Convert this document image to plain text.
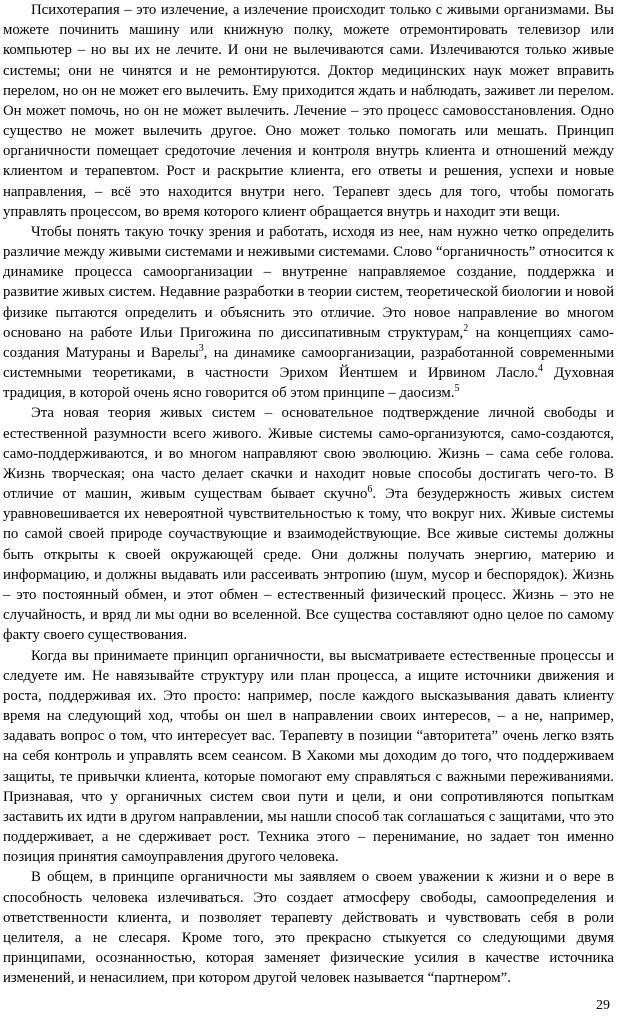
Психотерапия – это излечение, а излечение происходит только с живыми организмами. Вы можете починить машину или книжную полку, можете отремонтировать телевизор или компьютер – но вы их не лечите. И они не вылечиваются сами. Излечиваются только живые системы; они не чинятся и не ремонтируются. Доктор медицинских наук может вправить перелом, но он не может его вылечить. Ему приходится ждать и наблюдать, заживет ли перелом. Он может помочь, но он не может вылечить. Лечение – это процесс самовосстановления. Одно существо не может вылечить другое. Оно может только помогать или мешать. Принцип органичности помещает средоточие лечения и контроля внутрь клиента и отношений между клиентом и терапевтом. Рост и раскрытие клиента, его ответы и решения, успехи и новые направления, – всё это находится внутри него. Терапевт здесь для того, чтобы помогать управлять процессом, во время которого клиент обращается внутрь и находит эти вещи.

Чтобы понять такую точку зрения и работать, исходя из нее, нам нужно четко определить различие между живыми системами и неживыми системами. Слово “органичность” относится к динамике процесса самоорганизации – внутренне направляемое создание, поддержка и развитие живых систем. Недавние разработки в теории систем, теоретической биологии и новой физике пытаются определить и объяснить это отличие. Это новое направление во многом основано на работе Ильи Пригожина по диссипативным структурам,$^2$ на концепциях само-создания Матураны и Варелы$^3$, на динамике самоорганизации, разработанной современными системными теоретиками, в частности Эрихом Йентшем и Ирвином Ласло.$^4$ Духовная традиция, в которой очень ясно говорится об этом принципе – даосизм.$^5$

Эта новая теория живых систем – основательное подтверждение личной свободы и естественной разумности всего живого. Живые системы само-организуются, само-создаются, само-поддерживаются, и во многом направляют свою эволюцию. Жизнь – сама себе голова. Жизнь творческая; она часто делает скачки и находит новые способы достигать чего-то. В отличие от машин, живым существам бывает скучно$^6$. Эта безудержность живых систем уравновешивается их невероятной чувствительностью к тому, что вокруг них. Живые системы по самой своей природе соучаствующие и взаимодействующие. Все живые системы должны быть открыты к своей окружающей среде. Они должны получать энергию, материю и информацию, и должны выдавать или рассеивать энтропию (шум, мусор и беспорядок). Жизнь – это постоянный обмен, и этот обмен – естественный физический процесс. Жизнь – это не случайность, и вряд ли мы одни во вселенной. Все существа составляют одно целое по самому факту своего существования.

Когда вы принимаете принцип органичности, вы высматриваете естественные процессы и следуете им. Не навязывайте структуру или план процесса, а ищите источники движения и роста, поддерживая их. Это просто: например, после каждого высказывания давать клиенту время на следующий ход, чтобы он шел в направлении своих интересов, – а не, например, задавать вопрос о том, что интересует вас. Терапевту в позиции “авторитета” очень легко взять на себя контроль и управлять всем сеансом. В Хакоми мы доходим до того, что поддерживаем защиты, те привычки клиента, которые помогают ему справляться с важными переживаниями. Признавая, что у органичных систем свои пути и цели, и они сопротивляются попыткам заставить их идти в другом направлении, мы нашли способ так соглашаться с защитами, что это поддерживает, а не сдерживает рост. Техника этого – перенимание, но задает тон именно позиция принятия самоуправления другого человека.

В общем, в принципе органичности мы заявляем о своем уважении к жизни и о вере в способность человека излечиваться. Это создает атмосферу свободы, самоопределения и ответственности клиента, и позволяет терапевту действовать и чувствовать себя в роли целителя, а не слесаря. Кроме того, это прекрасно стыкуется со следующими двумя принципами, осознанностью, которая заменяет физические усилия в качестве источника изменений, и ненасилием, при котором другой человек называется “партнером”.

29
